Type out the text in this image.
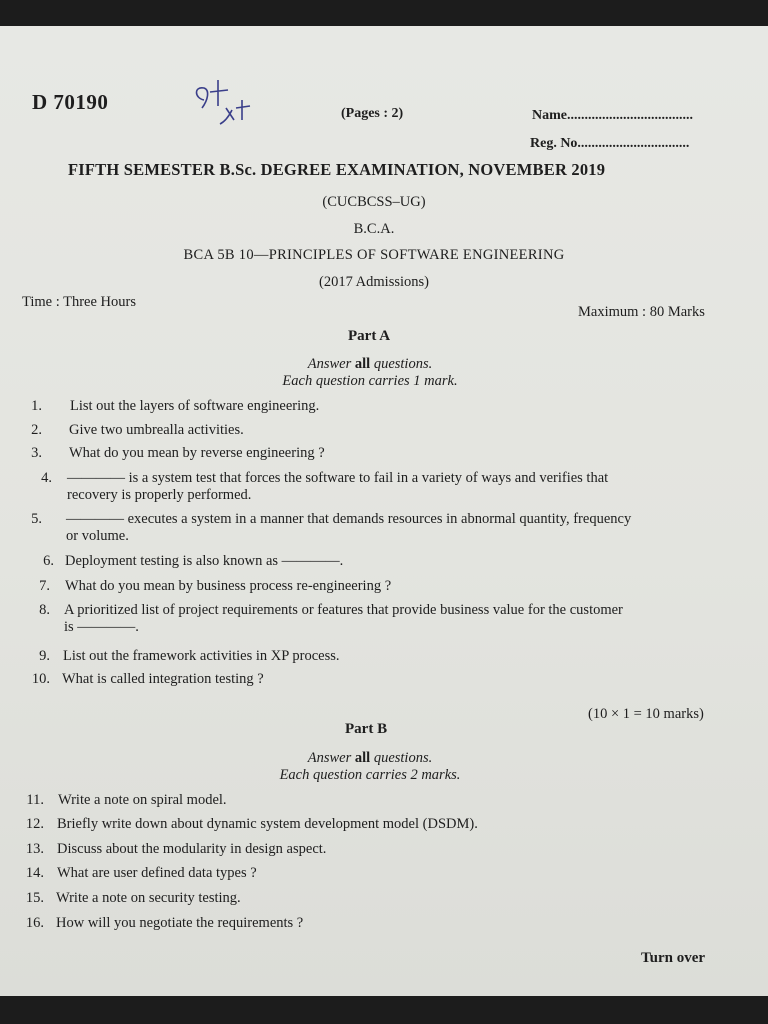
D 70190	(Pages : 2)	Name....................................
Reg. No................................
FIFTH SEMESTER B.Sc. DEGREE EXAMINATION, NOVEMBER 2019
(CUCBCSS–UG)
B.C.A.
BCA 5B 10—PRINCIPLES OF SOFTWARE ENGINEERING
(2017 Admissions)
Time : Three Hours
Maximum : 80 Marks
Part A
Answer all questions.
Each question carries 1 mark.
1. List out the layers of software engineering.
2. Give two umbrealla activities.
3. What do you mean by reverse engineering ?
4. ———— is a system test that forces the software to fail in a variety of ways and verifies that
recovery is properly performed.
5. ———— executes a system in a manner that demands resources in abnormal quantity, frequency
or volume.
6. Deployment testing is also known as ————.
7. What do you mean by business process re-engineering ?
8. A prioritized list of project requirements or features that provide business value for the customer
is ————.
9. List out the framework activities in XP process.
10. What is called integration testing ?
(10 × 1 = 10 marks)
Part B
Answer all questions.
Each question carries 2 marks.
11. Write a note on spiral model.
12. Briefly write down about dynamic system development model (DSDM).
13. Discuss about the modularity in design aspect.
14. What are user defined data types ?
15. Write a note on security testing.
16. How will you negotiate the requirements ?
Turn over
